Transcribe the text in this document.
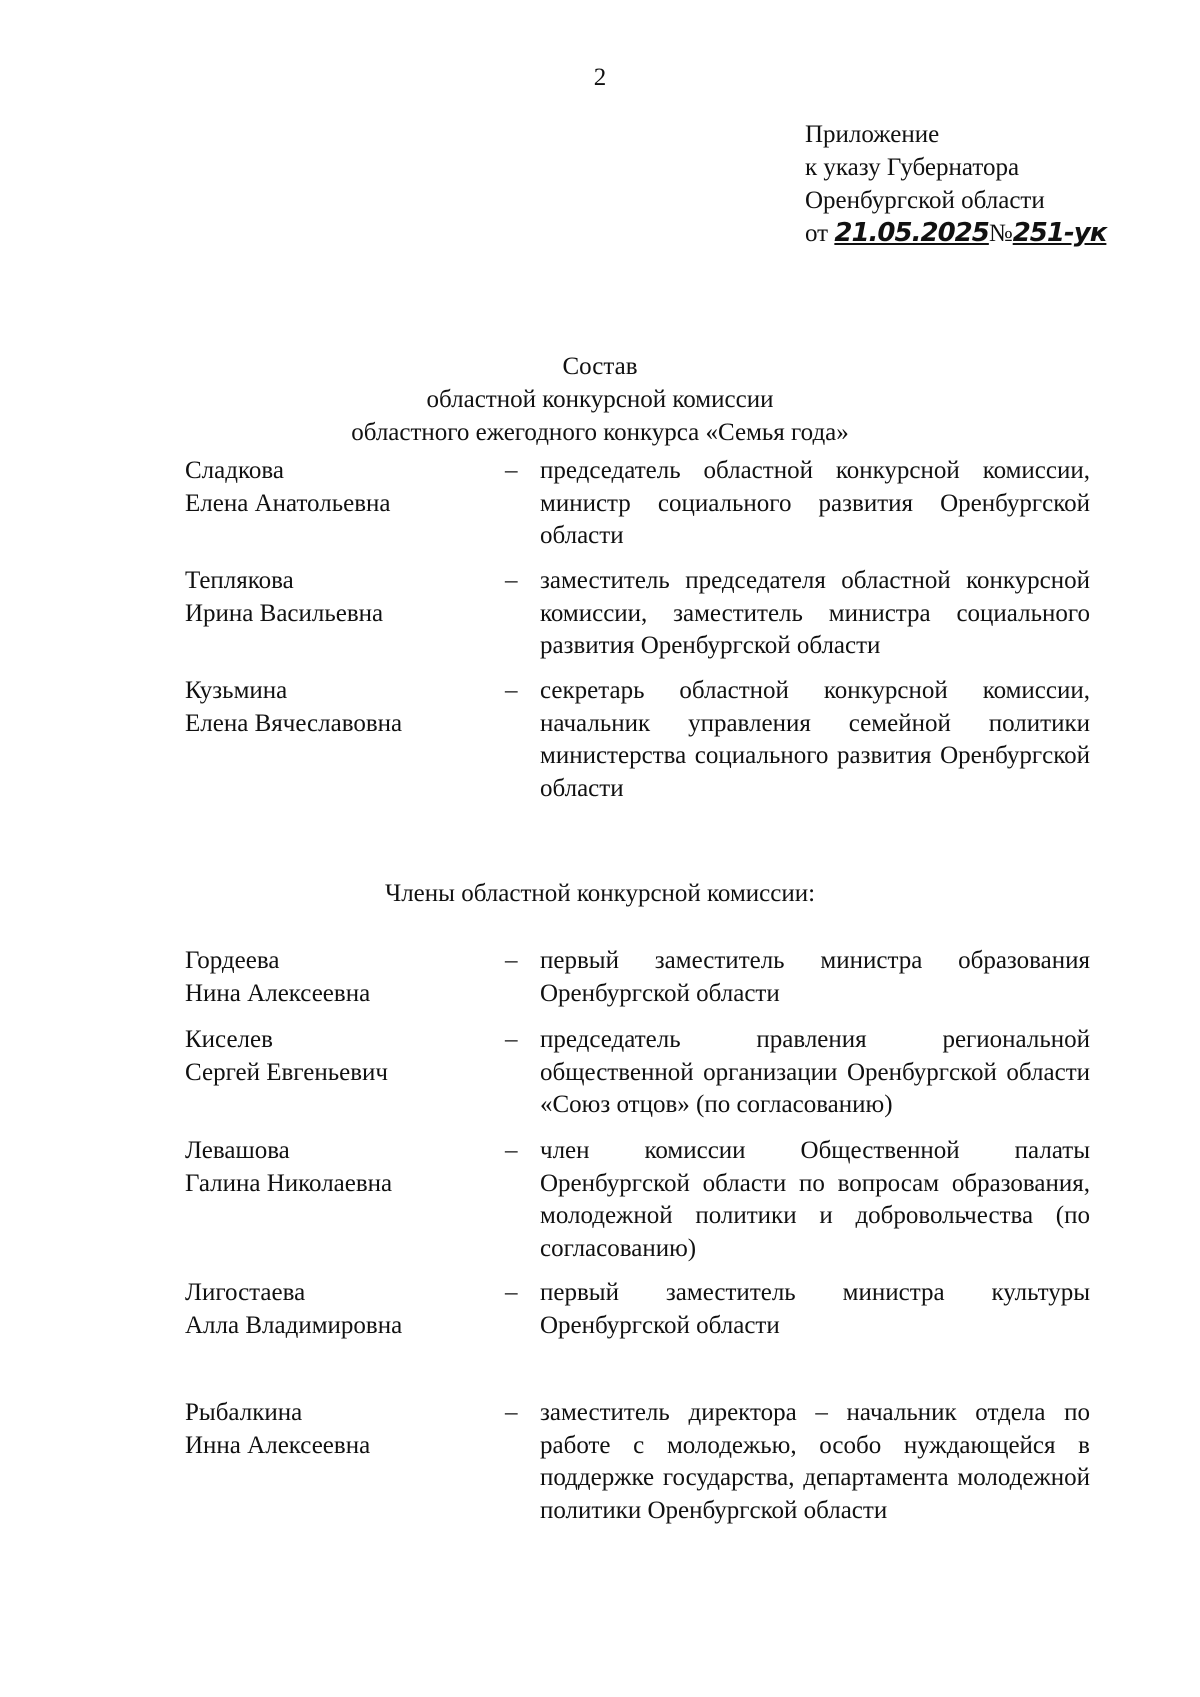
2
Приложение
к указу Губернатора
Оренбургской области
от 21.05.2025№251-ук
Состав
областной конкурсной комиссии
областного ежегодного конкурса «Семья года»
Сладкова
Елена Анатольевна
– председатель областной конкурсной комиссии, министр социального развития Оренбургской области
Теплякова
Ирина Васильевна
– заместитель председателя областной конкурсной комиссии, заместитель министра социального развития Оренбургской области
Кузьмина
Елена Вячеславовна
– секретарь областной конкурсной комиссии, начальник управления семейной политики министерства социального развития Оренбургской области
Члены областной конкурсной комиссии:
Гордеева
Нина Алексеевна
– первый заместитель министра образования Оренбургской области
Киселев
Сергей Евгеньевич
– председатель правления региональной общественной организации Оренбургской области «Союз отцов» (по согласованию)
Левашова
Галина Николаевна
– член комиссии Общественной палаты Оренбургской области по вопросам образования, молодежной политики и добровольчества (по согласованию)
Лигостаева
Алла Владимировна
– первый заместитель министра культуры Оренбургской области
Рыбалкина
Инна Алексеевна
– заместитель директора – начальник отдела по работе с молодежью, особо нуждающейся в поддержке государства, департамента молодежной политики Оренбургской области
